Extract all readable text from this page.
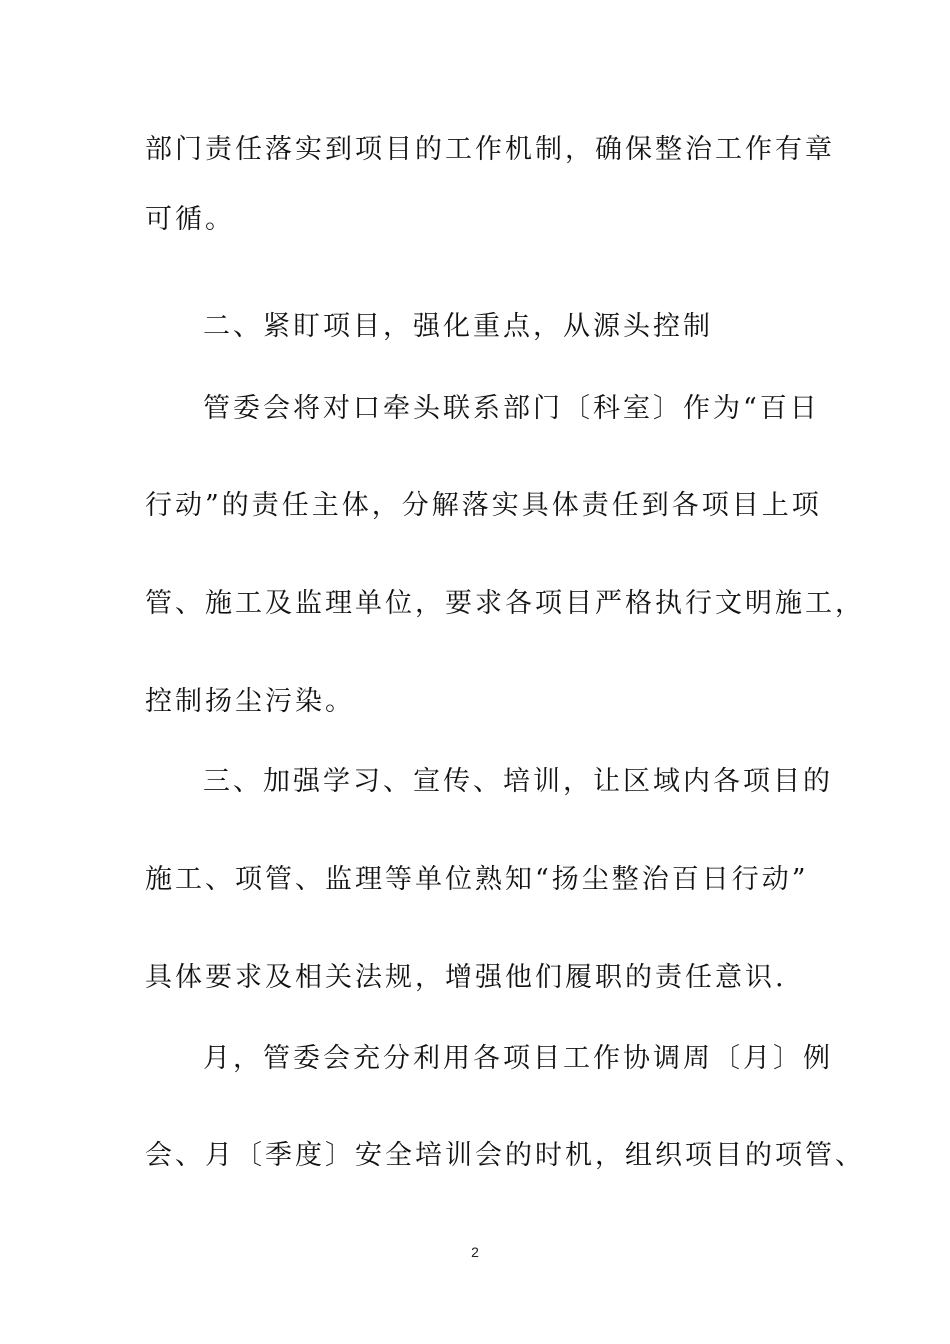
部门责任落实到项目的工作机制，确保整治工作有章
可循。
二、紧盯项目，强化重点，从源头控制
管委会将对口牵头联系部门〔科室〕作为“百日
行动”的责任主体，分解落实具体责任到各项目上项
管、施工及监理单位，要求各项目严格执行文明施工，
控制扬尘污染。
三、加强学习、宣传、培训，让区域内各项目的
施工、项管、监理等单位熟知“扬尘整治百日行动”
具体要求及相关法规，增强他们履职的责任意识.
月，管委会充分利用各项目工作协调周〔月〕例
会、月〔季度〕安全培训会的时机，组织项目的项管、
2
